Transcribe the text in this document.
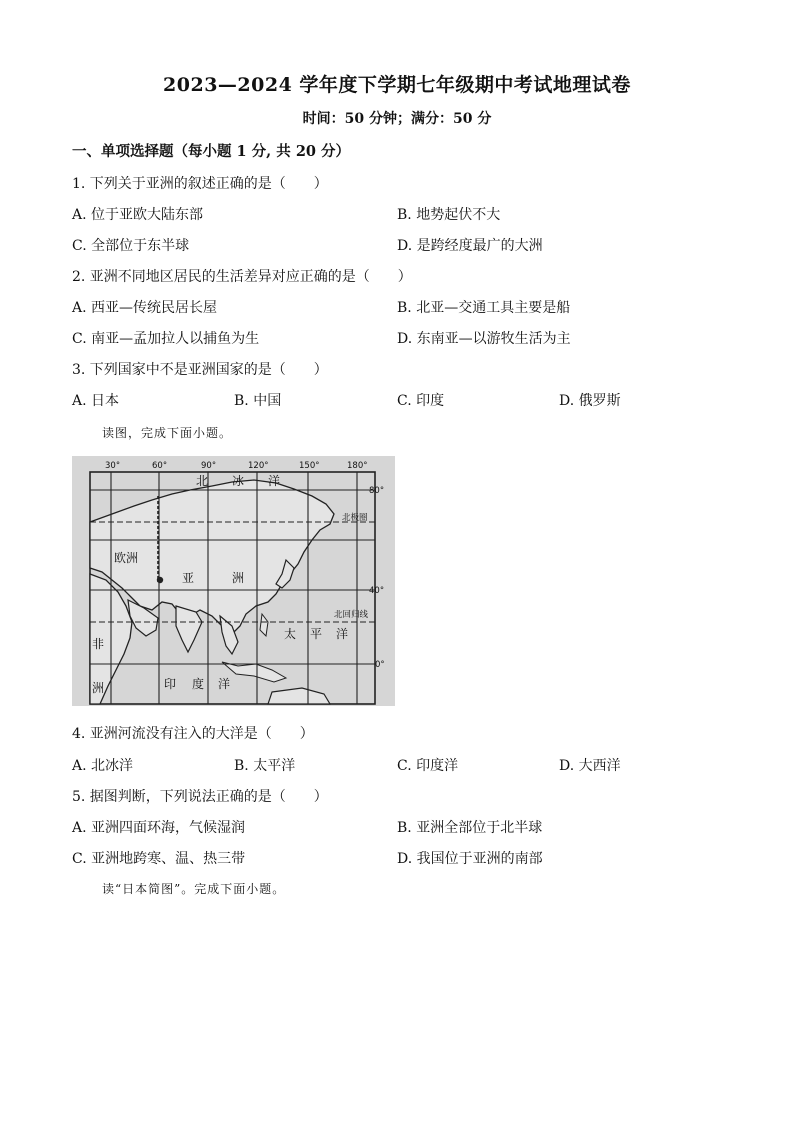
2023—2024 学年度下学期七年级期中考试地理试卷
时间：50 分钟；满分：50 分
一、单项选择题（每小题 1 分, 共 20 分）
1. 下列关于亚洲的叙述正确的是（　　）
A. 位于亚欧大陆东部	B. 地势起伏不大
C. 全部位于东半球	D. 是跨经度最广的大洲
2. 亚洲不同地区居民的生活差异对应正确的是（　　）
A. 西亚—传统民居长屋	B. 北亚—交通工具主要是船
C. 南亚—孟加拉人以捕鱼为生	D. 东南亚—以游牧生活为主
3. 下列国家中不是亚洲国家的是（　　）
A. 日本	B. 中国	C. 印度	D. 俄罗斯
读图，完成下面小题。
30°	60°	90°	120°	150°	180°
80°
40°
0°
北 冰 洋
欧洲
亚	洲
太 平 洋
非
洲	印 度 洋
北极圈
北回归线
4. 亚洲河流没有注入的大洋是（　　）
A. 北冰洋	B. 太平洋	C. 印度洋	D. 大西洋
5. 据图判断，下列说法正确的是（　　）
A. 亚洲四面环海，气候湿润	B. 亚洲全部位于北半球
C. 亚洲地跨寒、温、热三带	D. 我国位于亚洲的南部
读“日本简图”。完成下面小题。
